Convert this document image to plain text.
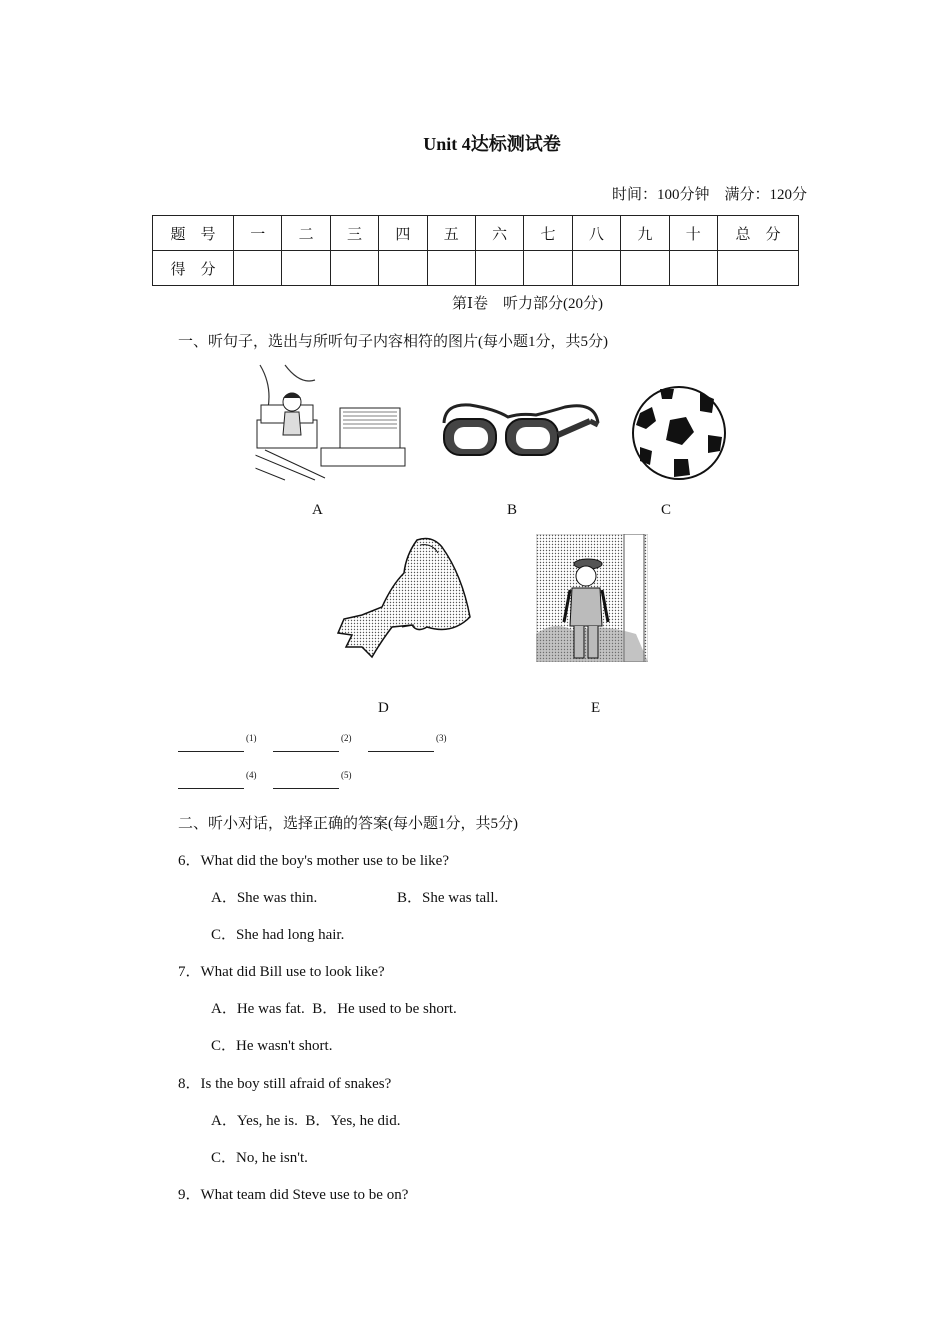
Unit 4达标测试卷
时间：100分钟　满分：120分
题　号	一	二	三	四	五	六	七	八	九	十	总　分
得　分											
第Ⅰ卷　听力部分(20分)
一、听句子，选出与所听句子内容相符的图片(每小题1分，共5分)
A	B	C
D	E
$^{(1)}$	$^{(2)}$	$^{(3)}$
$^{(4)}$	$^{(5)}$
二、听小对话，选择正确的答案(每小题1分，共5分)
6．What did the boy's mother use to be like?
A．She was thin.	B．She was tall.
C．She had long hair.
7．What did Bill use to look like?
A．He was fat.  B．He used to be short.
C．He wasn't short.
8．Is the boy still afraid of snakes?
A．Yes, he is.  B．Yes, he did.
C．No, he isn't.
9．What team did Steve use to be on?
